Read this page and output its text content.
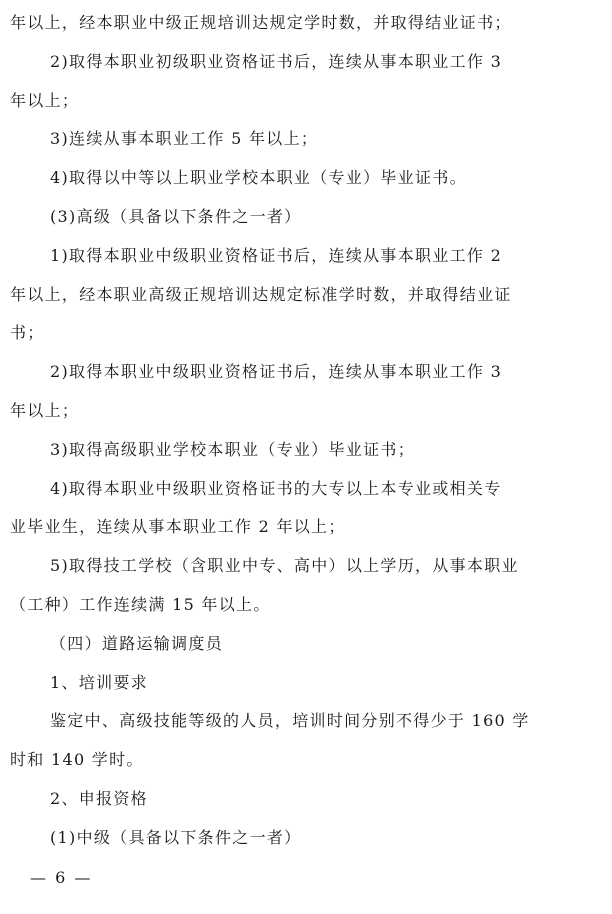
年以上，经本职业中级正规培训达规定学时数，并取得结业证书；
2)取得本职业初级职业资格证书后，连续从事本职业工作 3
年以上；
3)连续从事本职业工作 5 年以上；
4)取得以中等以上职业学校本职业（专业）毕业证书。
(3)高级（具备以下条件之一者）
1)取得本职业中级职业资格证书后，连续从事本职业工作 2
年以上，经本职业高级正规培训达规定标准学时数，并取得结业证
书；
2)取得本职业中级职业资格证书后，连续从事本职业工作 3
年以上；
3)取得高级职业学校本职业（专业）毕业证书；
4)取得本职业中级职业资格证书的大专以上本专业或相关专
业毕业生，连续从事本职业工作 2 年以上；
5)取得技工学校（含职业中专、高中）以上学历，从事本职业
（工种）工作连续满 15 年以上。
（四）道路运输调度员
1、培训要求
鉴定中、高级技能等级的人员，培训时间分别不得少于 160 学
时和 140 学时。
2、申报资格
(1)中级（具备以下条件之一者）
— 6 —
